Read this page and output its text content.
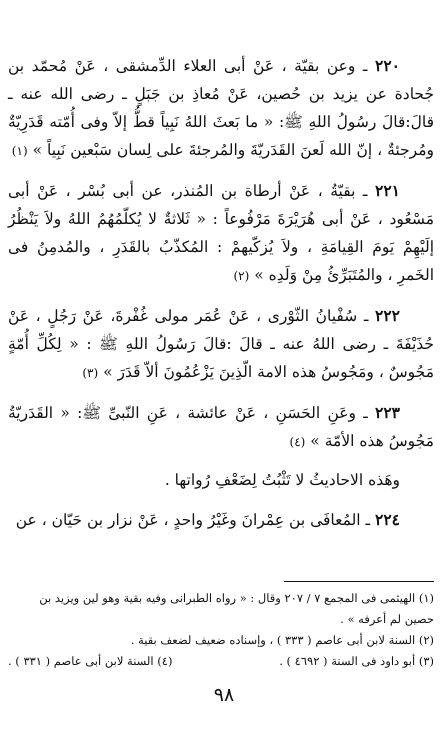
٢٢٠ ـ وعن بقيّة ، عَنْ أبى العلاء الدِّمشقى ، عَنْ مُحمّد بن جُحادة عن يزيد بن حُصين، عَنْ مُعاذِ بن جَبَلٍ ـ رضى الله عنه ـ قالَ:قالَ رسُولُ اللهِ ﷺ: « ما بَعثَ اللهُ نَبِياً قطُّ إلاّ وفى أُمّته قَدَرِيّةٌ ومُرجئةٌ ، إنّ الله لَعنَ القَدَريّةَ والمُرجئةَ على لِسان سَبْعين نَبِياً » (١)

٢٢١ ـ بقيّةُ ، عَنْ أرطاة بن المُنذر، عن أبى بُسْر ، عَنْ أبى مَسْعُود ، عَنْ أبى هُرَيْرَةَ مَرْفُوعاً : « ثَلاثةٌ لا يُكلّمُهُمُ اللهُ ولاَ يَنْظُرُ إلَيْهِمْ يَومَ القِيامَةِ ، ولاَ يُزكّيهمْ : المُكذّبُ بالقَدَرِ ، والمُدمِنُ فى الخَمرِ ، والمُتَبَرِّئُ مِنْ وَلَدِه » (٢)

٢٢٢ ـ سُفْيانُ الثّوْرى ، عَنْ عُمَر مولى غُفْرةَ، عَنْ رَجُلٍ ، عَنْ حُذَيْفَةَ ـ رضى اللهُ عنه ـ قالَ :قالَ رَسُولُ اللهِ ﷺ : « لِكُلِّ أُمّةٍ مَجُوسٌ ، ومَجُوسُ هذه الامة الّذِينَ يَزْعُمُونَ ألاّ قَدَرَ » (٣)

٢٢٣ ـ وعَنِ الحَسَنِ ، عَنْ عائشة ، عَنِ النّبىِّ ﷺ: « القَدَريّةُ مَجُوسُ هذه الأمّة » (٤)

وهَذه الاحاديثُ لا تَثْبُتُ لِضَعْفِ رُواتها .

٢٢٤ ـ المُعافَى بن عِمْرانَ وغَيْرُ واحدٍ ، عَنْ نزار بن حَيّان ، عن

(١) الهيثمى فى المجمع ٧ / ٢٠٧ وقال : « رواه الطبرانى وفيه بقية وهو لين ويزيد بن حصين لم أعرفه » .

(٢) السنة لابن أبى عاصم ( ٣٣٣ ) ، وإسناده ضعيف لضعف بقية .

(٣) أبو داود فى السنة ( ٤٦٩٢ ) .
(٤) السنة لابن أبى عاصم ( ٣٣١ ) .
٩٨
